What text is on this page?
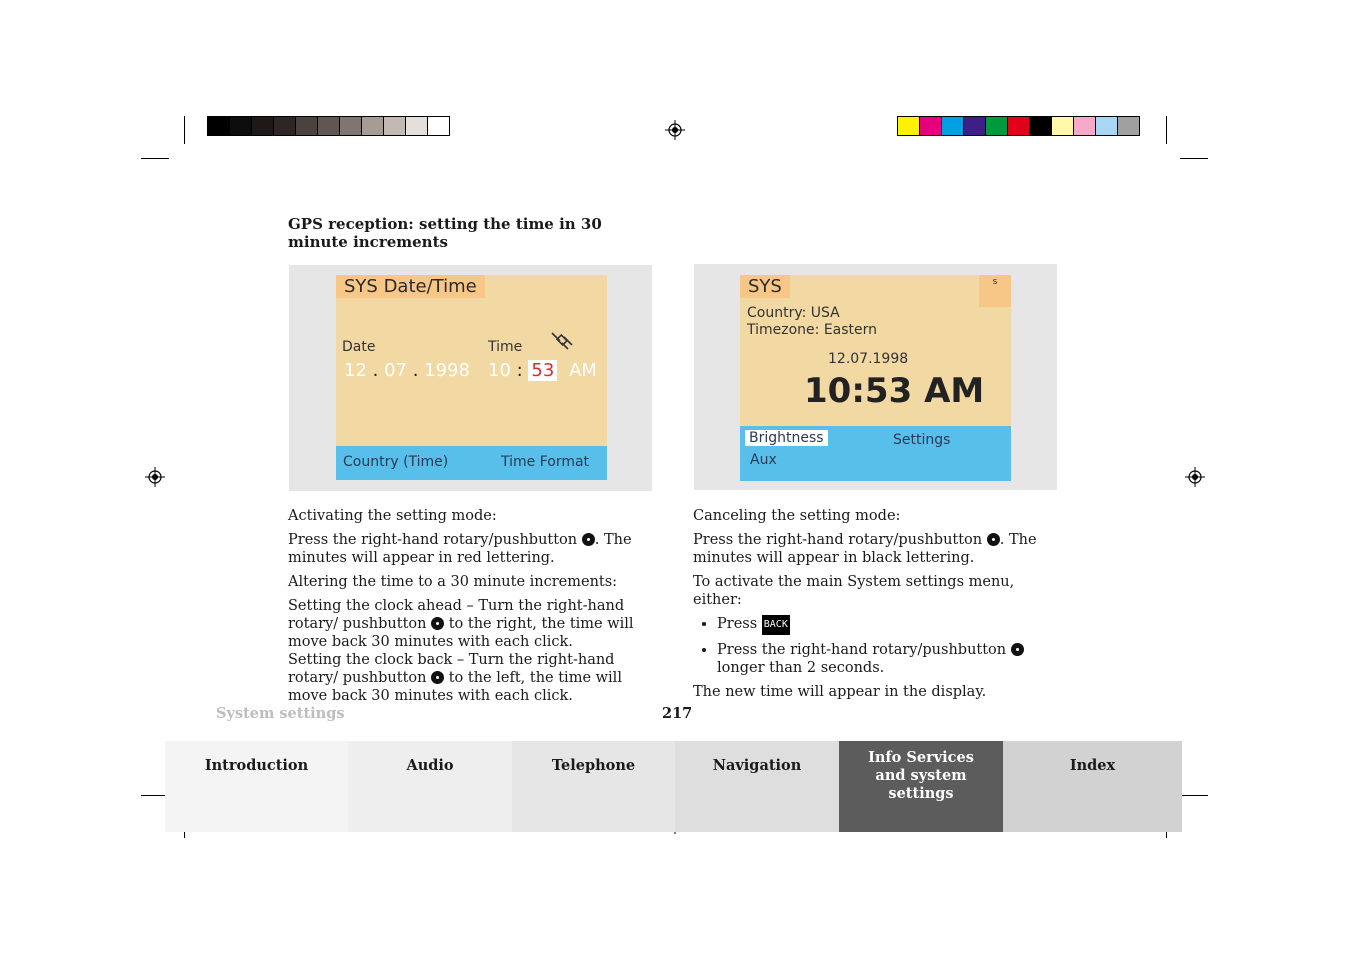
GPS reception: setting the time in 30 minute increments
SYS Date/Time
Date	Time
12 . 07 . 1998 10 : 53 AM
Country (Time)	Time Format
SYS	s
Country: USA
Timezone: Eastern
12.07.1998
10:53 AM
Brightness	Settings
Aux

Activating the setting mode:

Press the right-hand rotary/pushbutton . The minutes will appear in red lettering.

Altering the time to a 30 minute increments:

Setting the clock ahead – Turn the right-hand rotary/ pushbutton to the right, the time will move back 30 minutes with each click.

Setting the clock back – Turn the right-hand rotary/ pushbutton to the left, the time will move back 30 minutes with each click.

Canceling the setting mode:

Press the right-hand rotary/pushbutton . The minutes will appear in black lettering.

To activate the main System settings menu, either:

• Press BACK
• Press the right-hand rotary/pushbutton  longer than 2 seconds.

The new time will appear in the display.

System settings	217
Introduction	Audio	Telephone	Navigation	Info Services and system settings
Index
